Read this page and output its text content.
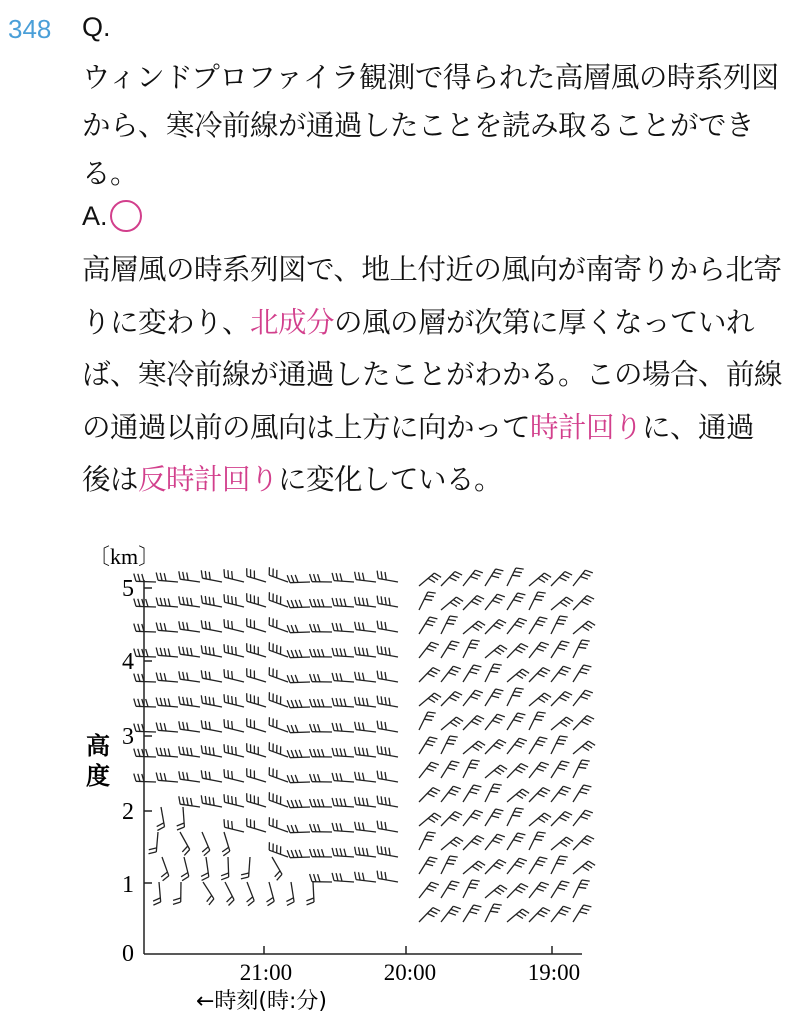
348 Q.

ウィンドプロファイラ観測で得られた高層風の時系列図から、寒冷前線が通過したことを読み取ることができる。

A.

高層風の時系列図で、地上付近の風向が南寄りから北寄りに変わり、北成分の風の層が次第に厚くなっていれば、寒冷前線が通過したことがわかる。この場合、前線の通過以前の風向は上方に向かって時計回りに、通過後は反時計回りに変化している。

〔km〕
5
4
3
2
1
0
高
度
21:00	20:00	19:00
←時刻(時:分)
